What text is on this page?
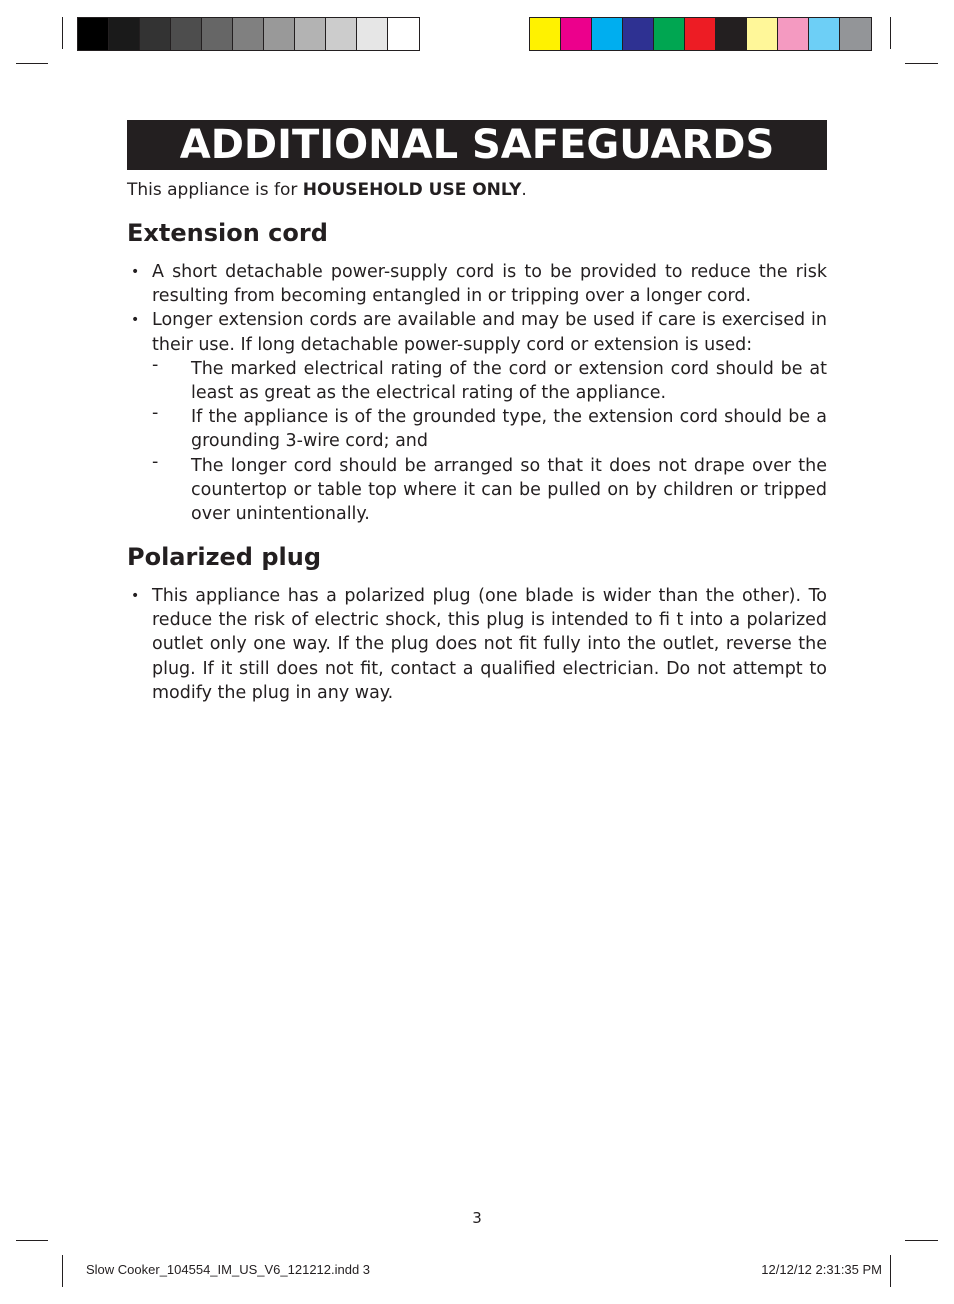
ADDITIONAL SAFEGUARDS
This appliance is for HOUSEHOLD USE ONLY.
Extension cord
• A short detachable power-supply cord is to be provided to reduce the risk resulting from becoming entangled in or tripping over a longer cord.
• Longer extension cords are available and may be used if care is exercised in their use. If long detachable power-supply cord or extension is used:
- The marked electrical rating of the cord or extension cord should be at least as great as the electrical rating of the appliance.
- If the appliance is of the grounded type, the extension cord should be a grounding 3-wire cord; and
- The longer cord should be arranged so that it does not drape over the countertop or table top where it can be pulled on by children or tripped over unintentionally.
Polarized plug
• This appliance has a polarized plug (one blade is wider than the other). To reduce the risk of electric shock, this plug is intended to fi t into a polarized outlet only one way. If the plug does not fit fully into the outlet, reverse the plug. If it still does not fit, contact a qualified electrician. Do not attempt to modify the plug in any way.
3
Slow Cooker_104554_IM_US_V6_121212.indd 3	12/12/12 2:31:35 PM
